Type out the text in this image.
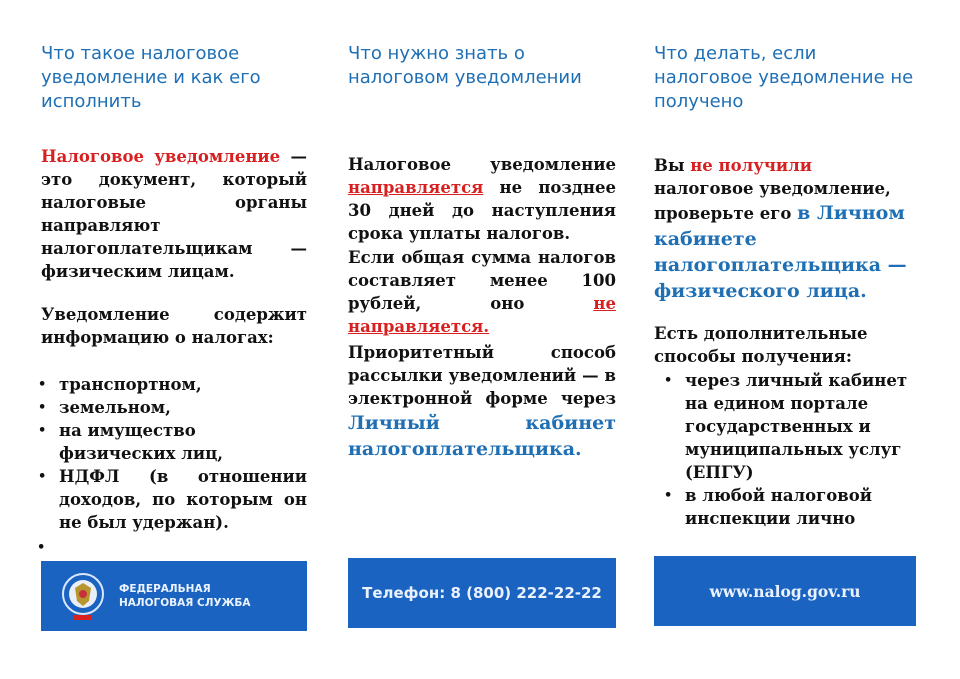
Что такое налоговое уведомление и как его исполнить
Налоговое уведомление — это документ, который налоговые органы направляют налогоплательщикам — физическим лицам.
Уведомление содержит информацию о налогах:
• транспортном,
• земельном,
• на имущество физических лиц,
• НДФЛ (в отношении доходов, по которым он не был удержан).
•
ФЕДЕРАЛЬНАЯ
НАЛОГОВАЯ СЛУЖБА
Что нужно знать о налоговом уведомлении
Налоговое уведомление направляется не позднее 30 дней до наступления срока уплаты налогов.
Если общая сумма налогов составляет менее 100 рублей, оно не направляется.
Приоритетный способ рассылки уведомлений — в электронной форме через Личный кабинет налогоплательщика.
Телефон: 8 (800) 222-22-22
Что делать, если налоговое уведомление не получено
Вы не получили налоговое уведомление, проверьте его в Личном кабинете налогоплательщика — физического лица.
Есть дополнительные способы получения:
• через личный кабинет на едином портале государственных и муниципальных услуг (ЕПГУ)
• в любой налоговой инспекции лично
www.nalog.gov.ru
